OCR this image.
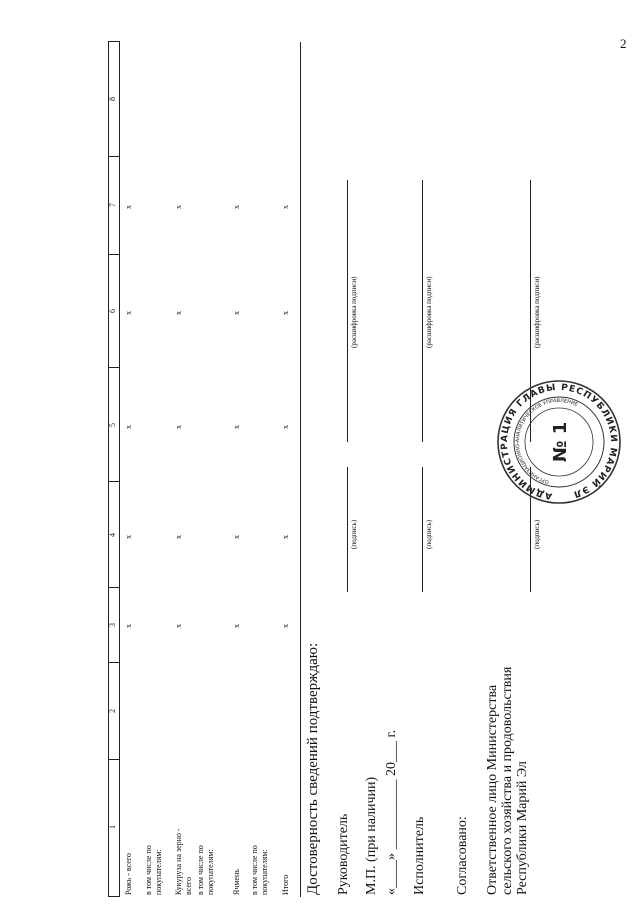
2
1
2
3
4
5
6
7
8
Рожь - всего в том числе по покупателям: Кукуруза на зерно - всего в том числе по покупателям: Ячмень в том числе по покупателям: Итого
x
x
x
x
x
x
x
x
x
x
x
x
x
x
x
x
x
x
x
x
Достоверность сведений подтверждаю: Руководитель М.П. (при наличии) «____» __________ 20___ г. Исполнитель
(подпись)
(расшифровка подписи)
(подпись)
(расшифровка подписи)
Согласовано: Ответственное лицо Министерства сельского хозяйства и продовольствия Республики Марий Эл
(подпись)
(расшифровка подписи)
АДМИНИСТРАЦИЯ ГЛАВЫ РЕСПУБЛИКИ МАРИЙ ЭЛ
ОРГАНИЗАЦИОННО-АНАЛИТИЧЕСКОЕ УПРАВЛЕНИЕ
№ 1
